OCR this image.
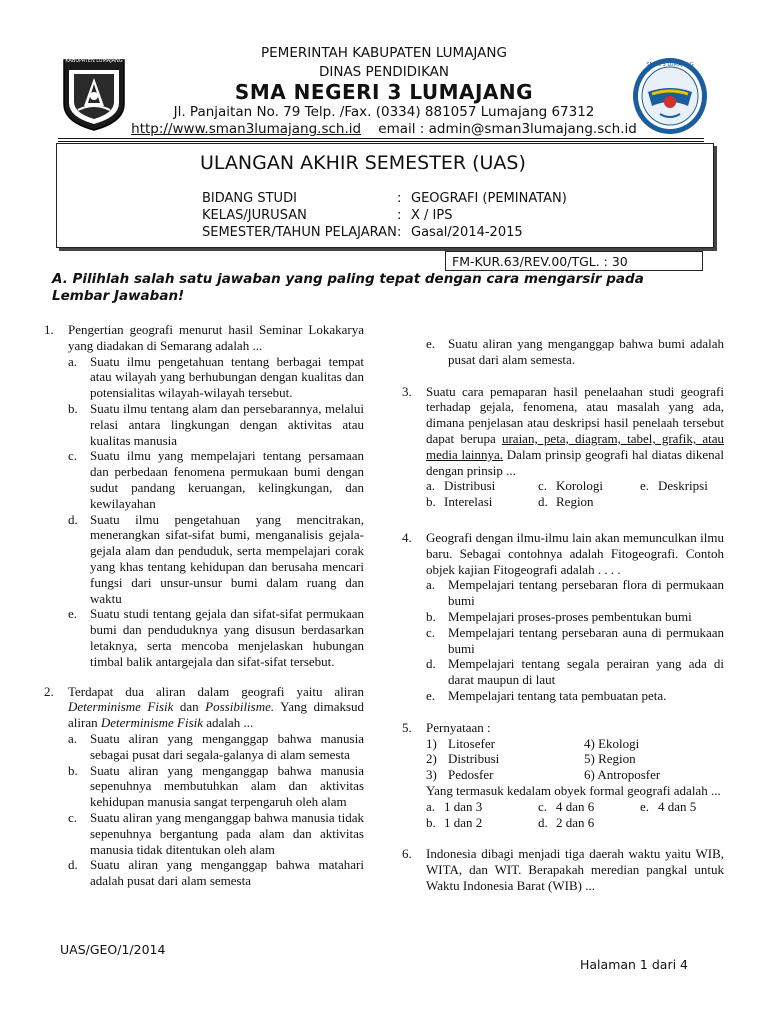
KABUPATEN LUMAJANG
SMAN 3 LUMAJANG
PEMERINTAH KABUPATEN LUMAJANG
DINAS PENDIDIKAN
SMA NEGERI 3 LUMAJANG
Jl. Panjaitan No. 79 Telp. /Fax. (0334) 881057 Lumajang 67312
http://www.sman3lumajang.sch.id email : admin@sman3lumajang.sch.id
ULANGAN AKHIR SEMESTER (UAS)
BIDANG STUDI	: GEOGRAFI (PEMINATAN)
KELAS/JURUSAN	: X / IPS
SEMESTER/TAHUN PELAJARAN: Gasal/2014-2015
FM-KUR.63/REV.00/TGL. : 30
A. Pilihlah salah satu jawaban yang paling tepat dengan cara mengarsir pada Lembar Jawaban!
1. Pengertian geografi menurut hasil Seminar Lokakarya yang diadakan di Semarang adalah ...
a. Suatu ilmu pengetahuan tentang berbagai tempat atau wilayah yang berhubungan dengan kualitas dan potensialitas wilayah-wilayah tersebut.
b. Suatu ilmu tentang alam dan persebarannya, melalui relasi antara lingkungan dengan aktivitas atau kualitas manusia
c. Suatu ilmu yang mempelajari tentang persamaan dan perbedaan fenomena permukaan bumi dengan sudut pandang keruangan, kelingkungan, dan kewilayahan
d. Suatu ilmu pengetahuan yang mencitrakan, menerangkan sifat-sifat bumi, menganalisis gejala-gejala alam dan penduduk, serta mempelajari corak yang khas tentang kehidupan dan berusaha mencari fungsi dari unsur-unsur bumi dalam ruang dan waktu
e. Suatu studi tentang gejala dan sifat-sifat permukaan bumi dan penduduknya yang disusun berdasarkan letaknya, serta mencoba menjelaskan hubungan timbal balik antargejala dan sifat-sifat tersebut.
2. Terdapat dua aliran dalam geografi yaitu aliran Determinisme Fisik dan Possibilisme. Yang dimaksud aliran Determinisme Fisik adalah ...
a. Suatu aliran yang menganggap bahwa manusia sebagai pusat dari segala-galanya di alam semesta
b. Suatu aliran yang menganggap bahwa manusia sepenuhnya membutuhkan alam dan aktivitas kehidupan manusia sangat terpengaruh oleh alam
c. Suatu aliran yang menganggap bahwa manusia tidak sepenuhnya bergantung pada alam dan aktivitas manusia tidak ditentukan oleh alam
d. Suatu aliran yang menganggap bahwa matahari adalah pusat dari alam semesta
e. Suatu aliran yang menganggap bahwa bumi adalah pusat dari alam semesta.
3. Suatu cara pemaparan hasil penelaahan studi geografi terhadap gejala, fenomena, atau masalah yang ada, dimana penjelasan atau deskripsi hasil penelaah tersebut dapat berupa uraian, peta, diagram, tabel, grafik, atau media lainnya. Dalam prinsip geografi hal diatas dikenal dengan prinsip ...
a. Distribusi	c. Korologi	e. Deskripsi
b. Interelasi	d. Region
4. Geografi dengan ilmu-ilmu lain akan memunculkan ilmu baru. Sebagai contohnya adalah Fitogeografi. Contoh objek kajian Fitogeografi adalah . . . .
a. Mempelajari tentang persebaran flora di permukaan bumi
b. Mempelajari proses-proses pembentukan bumi
c. Mempelajari tentang persebaran auna di permukaan bumi
d. Mempelajari tentang segala perairan yang ada di darat maupun di laut
e. Mempelajari tentang tata pembuatan peta.
5. Pernyataan :
1) Litosefer	4) Ekologi
2) Distribusi	5) Region
3) Pedosfer	6) Antroposfer
Yang termasuk kedalam obyek formal geografi adalah ...
a. 1 dan 3	c. 4 dan 6	e. 4 dan 5
b. 1 dan 2	d. 2 dan 6
6. Indonesia dibagi menjadi tiga daerah waktu yaitu WIB, WITA, dan WIT. Berapakah meredian pangkal untuk Waktu Indonesia Barat (WIB) ...
UAS/GEO/1/2014
Halaman 1 dari 4
